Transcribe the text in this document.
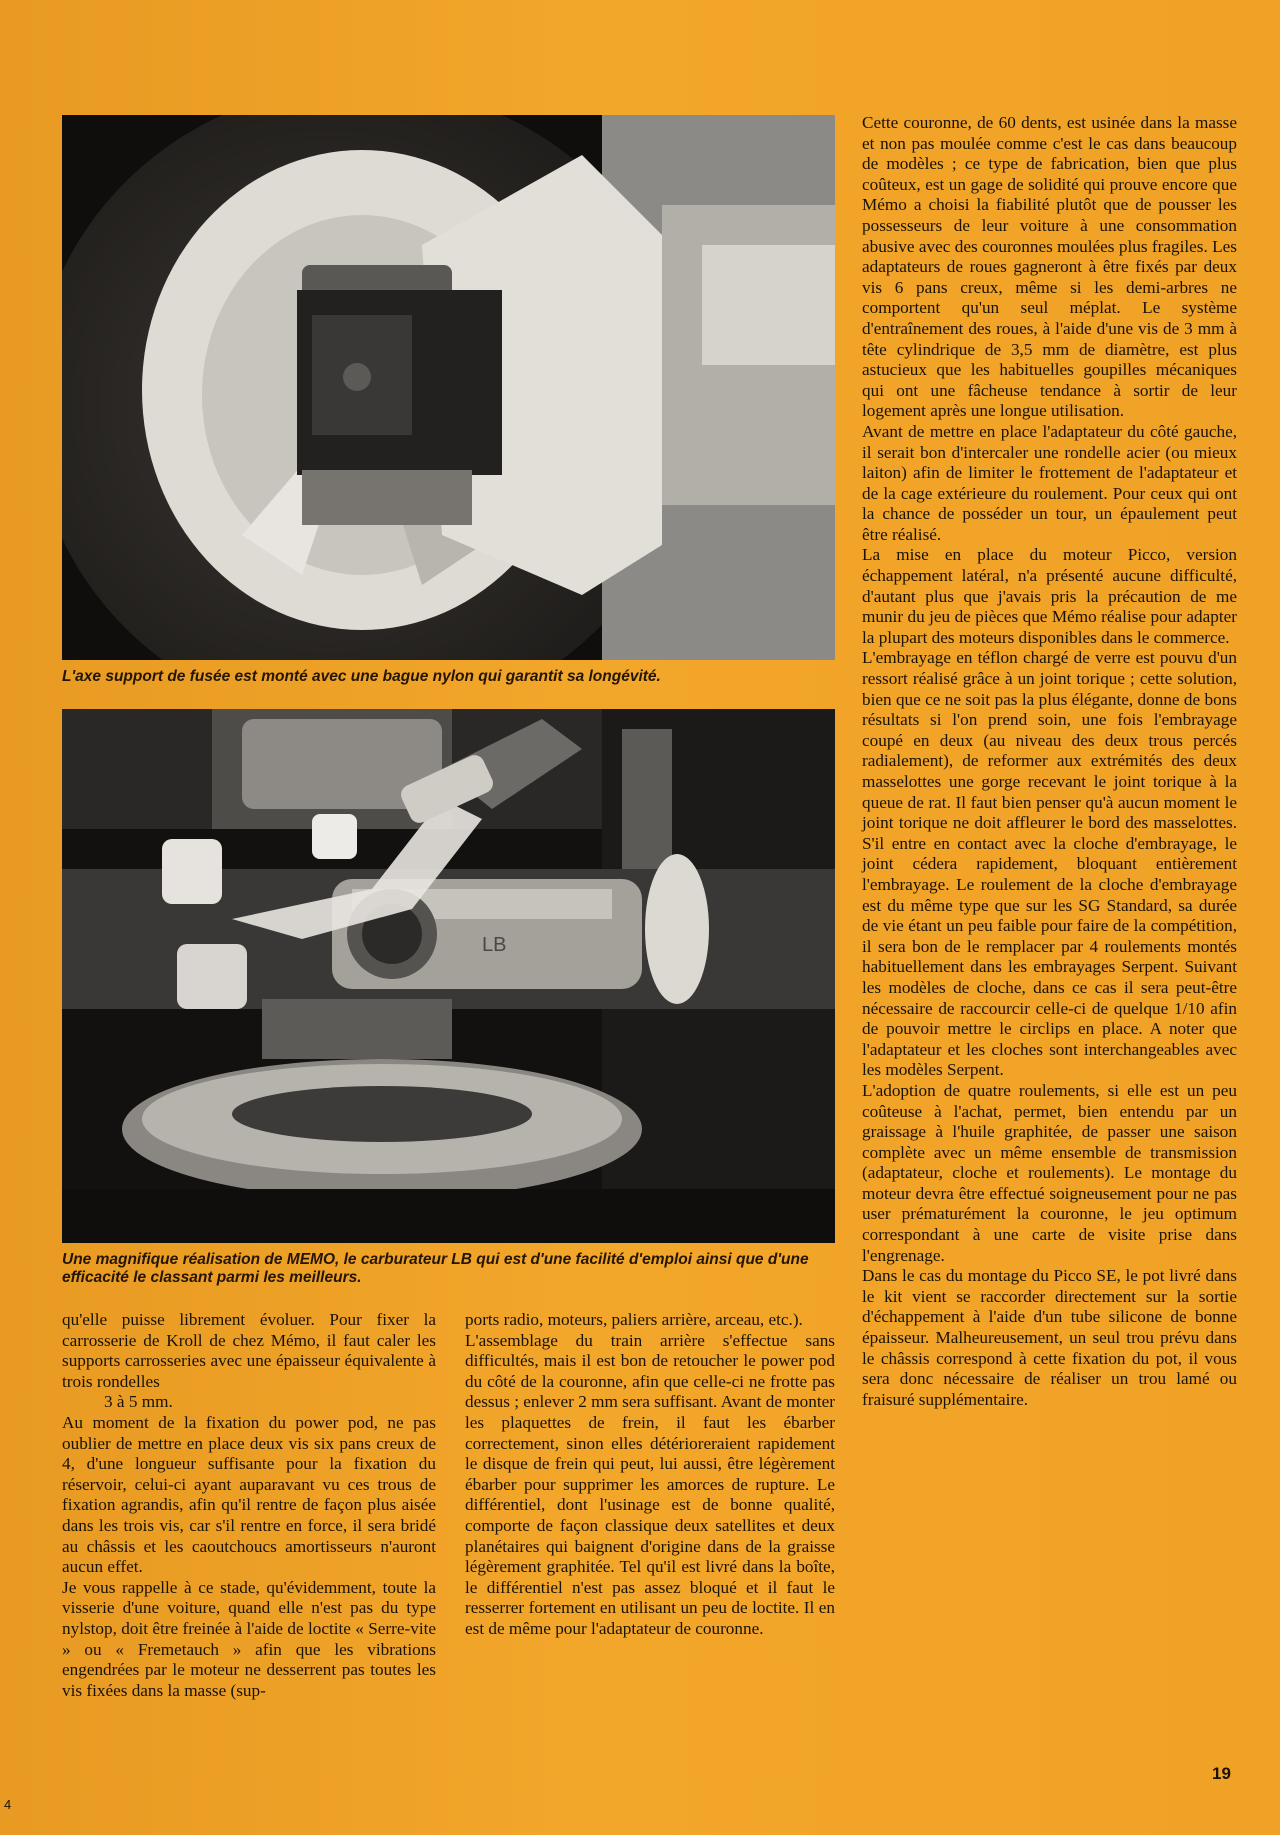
L'axe support de fusée est monté avec une bague nylon qui garantit sa longévité.
LB
Une magnifique réalisation de MEMO, le carburateur LB qui est d'une facilité d'emploi ainsi que d'une efficacité le classant parmi les meilleurs.

Cette couronne, de 60 dents, est usinée dans la masse et non pas moulée comme c'est le cas dans beaucoup de modèles ; ce type de fabrication, bien que plus coûteux, est un gage de solidité qui prouve encore que Mémo a choisi la fiabilité plutôt que de pousser les possesseurs de leur voiture à une consommation abusive avec des couronnes moulées plus fragiles. Les adaptateurs de roues gagneront à être fixés par deux vis 6 pans creux, même si les demi-arbres ne comportent qu'un seul méplat. Le système d'entraînement des roues, à l'aide d'une vis de 3 mm à tête cylindrique de 3,5 mm de diamètre, est plus astucieux que les habituelles goupilles mécaniques qui ont une fâcheuse tendance à sortir de leur logement après une longue utilisation.

Avant de mettre en place l'adaptateur du côté gauche, il serait bon d'intercaler une rondelle acier (ou mieux laiton) afin de limiter le frottement de l'adaptateur et de la cage extérieure du roulement. Pour ceux qui ont la chance de posséder un tour, un épaulement peut être réalisé.

La mise en place du moteur Picco, version échappement latéral, n'a présenté aucune difficulté, d'autant plus que j'avais pris la précaution de me munir du jeu de pièces que Mémo réalise pour adapter la plupart des moteurs disponibles dans le commerce.

L'embrayage en téflon chargé de verre est pouvu d'un ressort réalisé grâce à un joint torique ; cette solution, bien que ce ne soit pas la plus élégante, donne de bons résultats si l'on prend soin, une fois l'embrayage coupé en deux (au niveau des deux trous percés radialement), de reformer aux extrémités des deux masselottes une gorge recevant le joint torique à la queue de rat. Il faut bien penser qu'à aucun moment le joint torique ne doit affleurer le bord des masselottes. S'il entre en contact avec la cloche d'embrayage, le joint cédera rapidement, bloquant entièrement l'embrayage. Le roulement de la cloche d'embrayage est du même type que sur les SG Standard, sa durée de vie étant un peu faible pour faire de la compétition, il sera bon de le remplacer par 4 roulements montés habituellement dans les embrayages Serpent. Suivant les modèles de cloche, dans ce cas il sera peut-être nécessaire de raccourcir celle-ci de quelque 1/10 afin de pouvoir mettre le circlips en place. A noter que l'adaptateur et les cloches sont interchangeables avec les modèles Serpent.

L'adoption de quatre roulements, si elle est un peu coûteuse à l'achat, permet, bien entendu par un graissage à l'huile graphitée, de passer une saison complète avec un même ensemble de transmission (adaptateur, cloche et roulements). Le montage du moteur devra être effectué soigneusement pour ne pas user prématurément la couronne, le jeu optimum correspondant à une carte de visite prise dans l'engrenage.

Dans le cas du montage du Picco SE, le pot livré dans le kit vient se raccorder directement sur la sortie d'échappement à l'aide d'un tube silicone de bonne épaisseur. Malheureusement, un seul trou prévu dans le châssis correspond à cette fixation du pot, il vous sera donc nécessaire de réaliser un trou lamé ou fraisuré supplémentaire.

qu'elle puisse librement évoluer. Pour fixer la carrosserie de Kroll de chez Mémo, il faut caler les supports carrosseries avec une épaisseur équivalente à trois rondelles

3 à 5 mm.

Au moment de la fixation du power pod, ne pas oublier de mettre en place deux vis six pans creux de 4, d'une longueur suffisante pour la fixation du réservoir, celui-ci ayant auparavant vu ces trous de fixation agrandis, afin qu'il rentre de façon plus aisée dans les trois vis, car s'il rentre en force, il sera bridé au châssis et les caoutchoucs amortisseurs n'auront aucun effet.

Je vous rappelle à ce stade, qu'évidemment, toute la visserie d'une voiture, quand elle n'est pas du type nylstop, doit être freinée à l'aide de loctite « Serre-vite » ou « Fremetauch » afin que les vibrations engendrées par le moteur ne desserrent pas toutes les vis fixées dans la masse (sup-

ports radio, moteurs, paliers arrière, arceau, etc.).

L'assemblage du train arrière s'effectue sans difficultés, mais il est bon de retoucher le power pod du côté de la couronne, afin que celle-ci ne frotte pas dessus ; enlever 2 mm sera suffisant. Avant de monter les plaquettes de frein, il faut les ébarber correctement, sinon elles détérioreraient rapidement le disque de frein qui peut, lui aussi, être légèrement ébarber pour supprimer les amorces de rupture. Le différentiel, dont l'usinage est de bonne qualité, comporte de façon classique deux satellites et deux planétaires qui baignent d'origine dans de la graisse légèrement graphitée. Tel qu'il est livré dans la boîte, le différentiel n'est pas assez bloqué et il faut le resserrer fortement en utilisant un peu de loctite. Il en est de même pour l'adaptateur de couronne.

19
4
